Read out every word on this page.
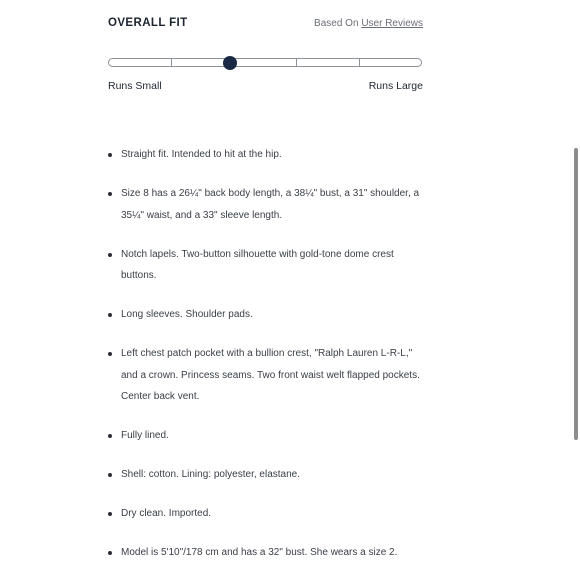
OVERALL FIT	Based On User Reviews
Runs Small	Runs Large
Straight fit. Intended to hit at the hip.
Size 8 has a 26¼" back body length, a 38¼" bust, a 31" shoulder, a 35¼" waist, and a 33" sleeve length.
Notch lapels. Two-button silhouette with gold-tone dome crest buttons.
Long sleeves. Shoulder pads.
Left chest patch pocket with a bullion crest, "Ralph Lauren L-R-L," and a crown. Princess seams. Two front waist welt flapped pockets. Center back vent.
Fully lined.
Shell: cotton. Lining: polyester, elastane.
Dry clean. Imported.
Model is 5'10"/178 cm and has a 32" bust. She wears a size 2.
